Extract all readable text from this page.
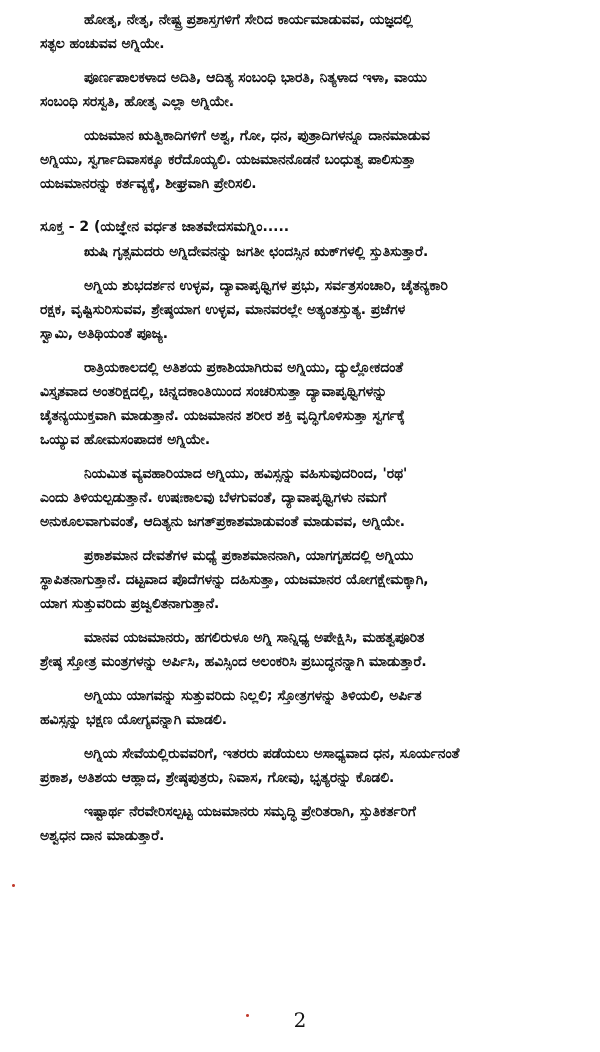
ಹೋತೃ, ನೇತೃ, ನೇಷ್ಟ್ರ ಪ್ರಶಾಸ್ತಗಳಿಗೆ ಸೇರಿದ ಕಾರ್ಯಮಾಡುವವ, ಯಜ್ಞದಲ್ಲಿ
ಸತ್ಫಲ ಹಂಚುವವ ಅಗ್ನಿಯೇ.
ಪೂರ್ಣಪಾಲಕಳಾದ ಅದಿತಿ, ಆದಿತ್ಯ ಸಂಬಂಧಿ ಭಾರತಿ, ನಿತ್ಯಳಾದ ಇಳಾ, ವಾಯು
ಸಂಬಂಧಿ ಸರಸ್ವತಿ, ಹೋತೃ ಎಲ್ಲಾ ಅಗ್ನಿಯೇ.
ಯಜಮಾನ ಋತ್ವಿಕಾದಿಗಳಿಗೆ ಅಶ್ವ, ಗೋ, ಧನ, ಪುತ್ರಾದಿಗಳನ್ನೂ ದಾನಮಾಡುವ
ಅಗ್ನಿಯು, ಸ್ವರ್ಗಾದಿವಾಸಕ್ಕೂ ಕರೆದೊಯ್ಯಲಿ. ಯಜಮಾನನೊಡನೆ ಬಂಧುತ್ವ ಪಾಲಿಸುತ್ತಾ
ಯಜಮಾನರನ್ನು ಕರ್ತವ್ಯಕ್ಕೆ, ಶೀಘ್ರವಾಗಿ ಪ್ರೇರಿಸಲಿ.
ಸೂಕ್ತ - 2 (ಯಜ್ಞೇನ ವರ್ಧತ ಜಾತವೇದಸಮಗ್ನಿಂ.....
ಋಷಿ ಗೃತ್ಸಮದರು ಅಗ್ನಿದೇವನನ್ನು ಜಗತೀ ಛಂದಸ್ಸಿನ ಋಕ್‌ಗಳಲ್ಲಿ ಸ್ತುತಿಸುತ್ತಾರೆ.
ಅಗ್ನಿಯ ಶುಭದರ್ಶನ ಉಳ್ಳವ, ದ್ಯಾವಾಪೃಥ್ವಿಗಳ ಪ್ರಭು, ಸರ್ವತ್ರಸಂಚಾರಿ, ಚೈತನ್ಯಕಾರಿ
ರಕ್ಷಕ, ವೃಷ್ಟಿಸುರಿಸುವವ, ಶ್ರೇಷ್ಠಯಾಗ ಉಳ್ಳವ, ಮಾನವರಲ್ಲೇ ಅತ್ಯಂತಸ್ತುತ್ಯ. ಪ್ರಜೆಗಳ
ಸ್ವಾಮಿ, ಅತಿಥಿಯಂತೆ ಪೂಜ್ಯ.
ರಾತ್ರಿಯಕಾಲದಲ್ಲಿ ಅತಿಶಯ ಪ್ರಕಾಶಿಯಾಗಿರುವ ಅಗ್ನಿಯು, ದ್ಯುಲ್ಲೋಕದಂತೆ
ವಿಸ್ತೃತವಾದ ಅಂತರಿಕ್ಷದಲ್ಲಿ, ಚಿನ್ನದಕಾಂತಿಯಿಂದ ಸಂಚರಿಸುತ್ತಾ ದ್ಯಾವಾಪೃಥ್ವಿಗಳನ್ನು
ಚೈತನ್ಯಯುಕ್ತವಾಗಿ ಮಾಡುತ್ತಾನೆ. ಯಜಮಾನನ ಶರೀರ ಶಕ್ತಿ ವೃದ್ಧಿಗೊಳಿಸುತ್ತಾ ಸ್ವರ್ಗಕ್ಕೆ
ಒಯ್ಯುವ ಹೋಮಸಂಪಾದಕ ಅಗ್ನಿಯೇ.
ನಿಯಮಿತ ವ್ಯವಹಾರಿಯಾದ ಅಗ್ನಿಯು, ಹವಿಸ್ಸನ್ನು ವಹಿಸುವುದರಿಂದ, 'ರಥ'
ಎಂದು ತಿಳಿಯಲ್ಪಡುತ್ತಾನೆ. ಉಷಃಕಾಲವು ಬೆಳಗುವಂತೆ, ದ್ಯಾವಾಪೃಥ್ವಿಗಳು ನಮಗೆ
ಅನುಕೂಲವಾಗುವಂತೆ, ಆದಿತ್ಯನು ಜಗತ್‌ಪ್ರಕಾಶಮಾಡುವಂತೆ ಮಾಡುವವ, ಅಗ್ನಿಯೇ.
ಪ್ರಕಾಶಮಾನ ದೇವತೆಗಳ ಮಧ್ಯೆ ಪ್ರಕಾಶಮಾನನಾಗಿ, ಯಾಗಗೃಹದಲ್ಲಿ ಅಗ್ನಿಯು
ಸ್ಥಾಪಿತನಾಗುತ್ತಾನೆ. ದಟ್ಟವಾದ ಪೊದೆಗಳನ್ನು ದಹಿಸುತ್ತಾ, ಯಜಮಾನರ ಯೋಗಕ್ಷೇಮಕ್ಕಾಗಿ,
ಯಾಗ ಸುತ್ತುವರಿದು ಪ್ರಜ್ವಲಿತನಾಗುತ್ತಾನೆ.
ಮಾನವ ಯಜಮಾನರು, ಹಗಲಿರುಳೂ ಅಗ್ನಿ ಸಾನ್ನಿಧ್ಯ ಅಪೇಕ್ಷಿಸಿ, ಮಹತ್ವಪೂರಿತ
ಶ್ರೇಷ್ಠ ಸ್ತೋತ್ರ ಮಂತ್ರಗಳನ್ನು ಅರ್ಪಿಸಿ, ಹವಿಸ್ಸಿಂದ ಅಲಂಕರಿಸಿ ಪ್ರಬುದ್ಧನನ್ನಾಗಿ ಮಾಡುತ್ತಾರೆ.
ಅಗ್ನಿಯು ಯಾಗವನ್ನು ಸುತ್ತುವರಿದು ನಿಲ್ಲಲಿ; ಸ್ತೋತ್ರಗಳನ್ನು ತಿಳಿಯಲಿ, ಅರ್ಪಿತ
ಹವಿಸ್ಸನ್ನು ಭಕ್ಷಣ ಯೋಗ್ಯವನ್ನಾಗಿ ಮಾಡಲಿ.
ಅಗ್ನಿಯ ಸೇವೆಯಲ್ಲಿರುವವರಿಗೆ, ಇತರರು ಪಡೆಯಲು ಅಸಾಧ್ಯವಾದ ಧನ, ಸೂರ್ಯನಂತೆ
ಪ್ರಕಾಶ, ಅತಿಶಯ ಆಹ್ಲಾದ, ಶ್ರೇಷ್ಠಪುತ್ರರು, ನಿವಾಸ, ಗೋವು, ಭೃತ್ಯರನ್ನು ಕೊಡಲಿ.
ಇಷ್ಟಾರ್ಥ ನೆರವೇರಿಸಲ್ಪಟ್ಟ ಯಜಮಾನರು ಸಮೃದ್ಧಿ ಪ್ರೇರಿತರಾಗಿ, ಸ್ತುತಿಕರ್ತರಿಗೆ
ಅಶ್ವಧನ ದಾನ ಮಾಡುತ್ತಾರೆ.
2
